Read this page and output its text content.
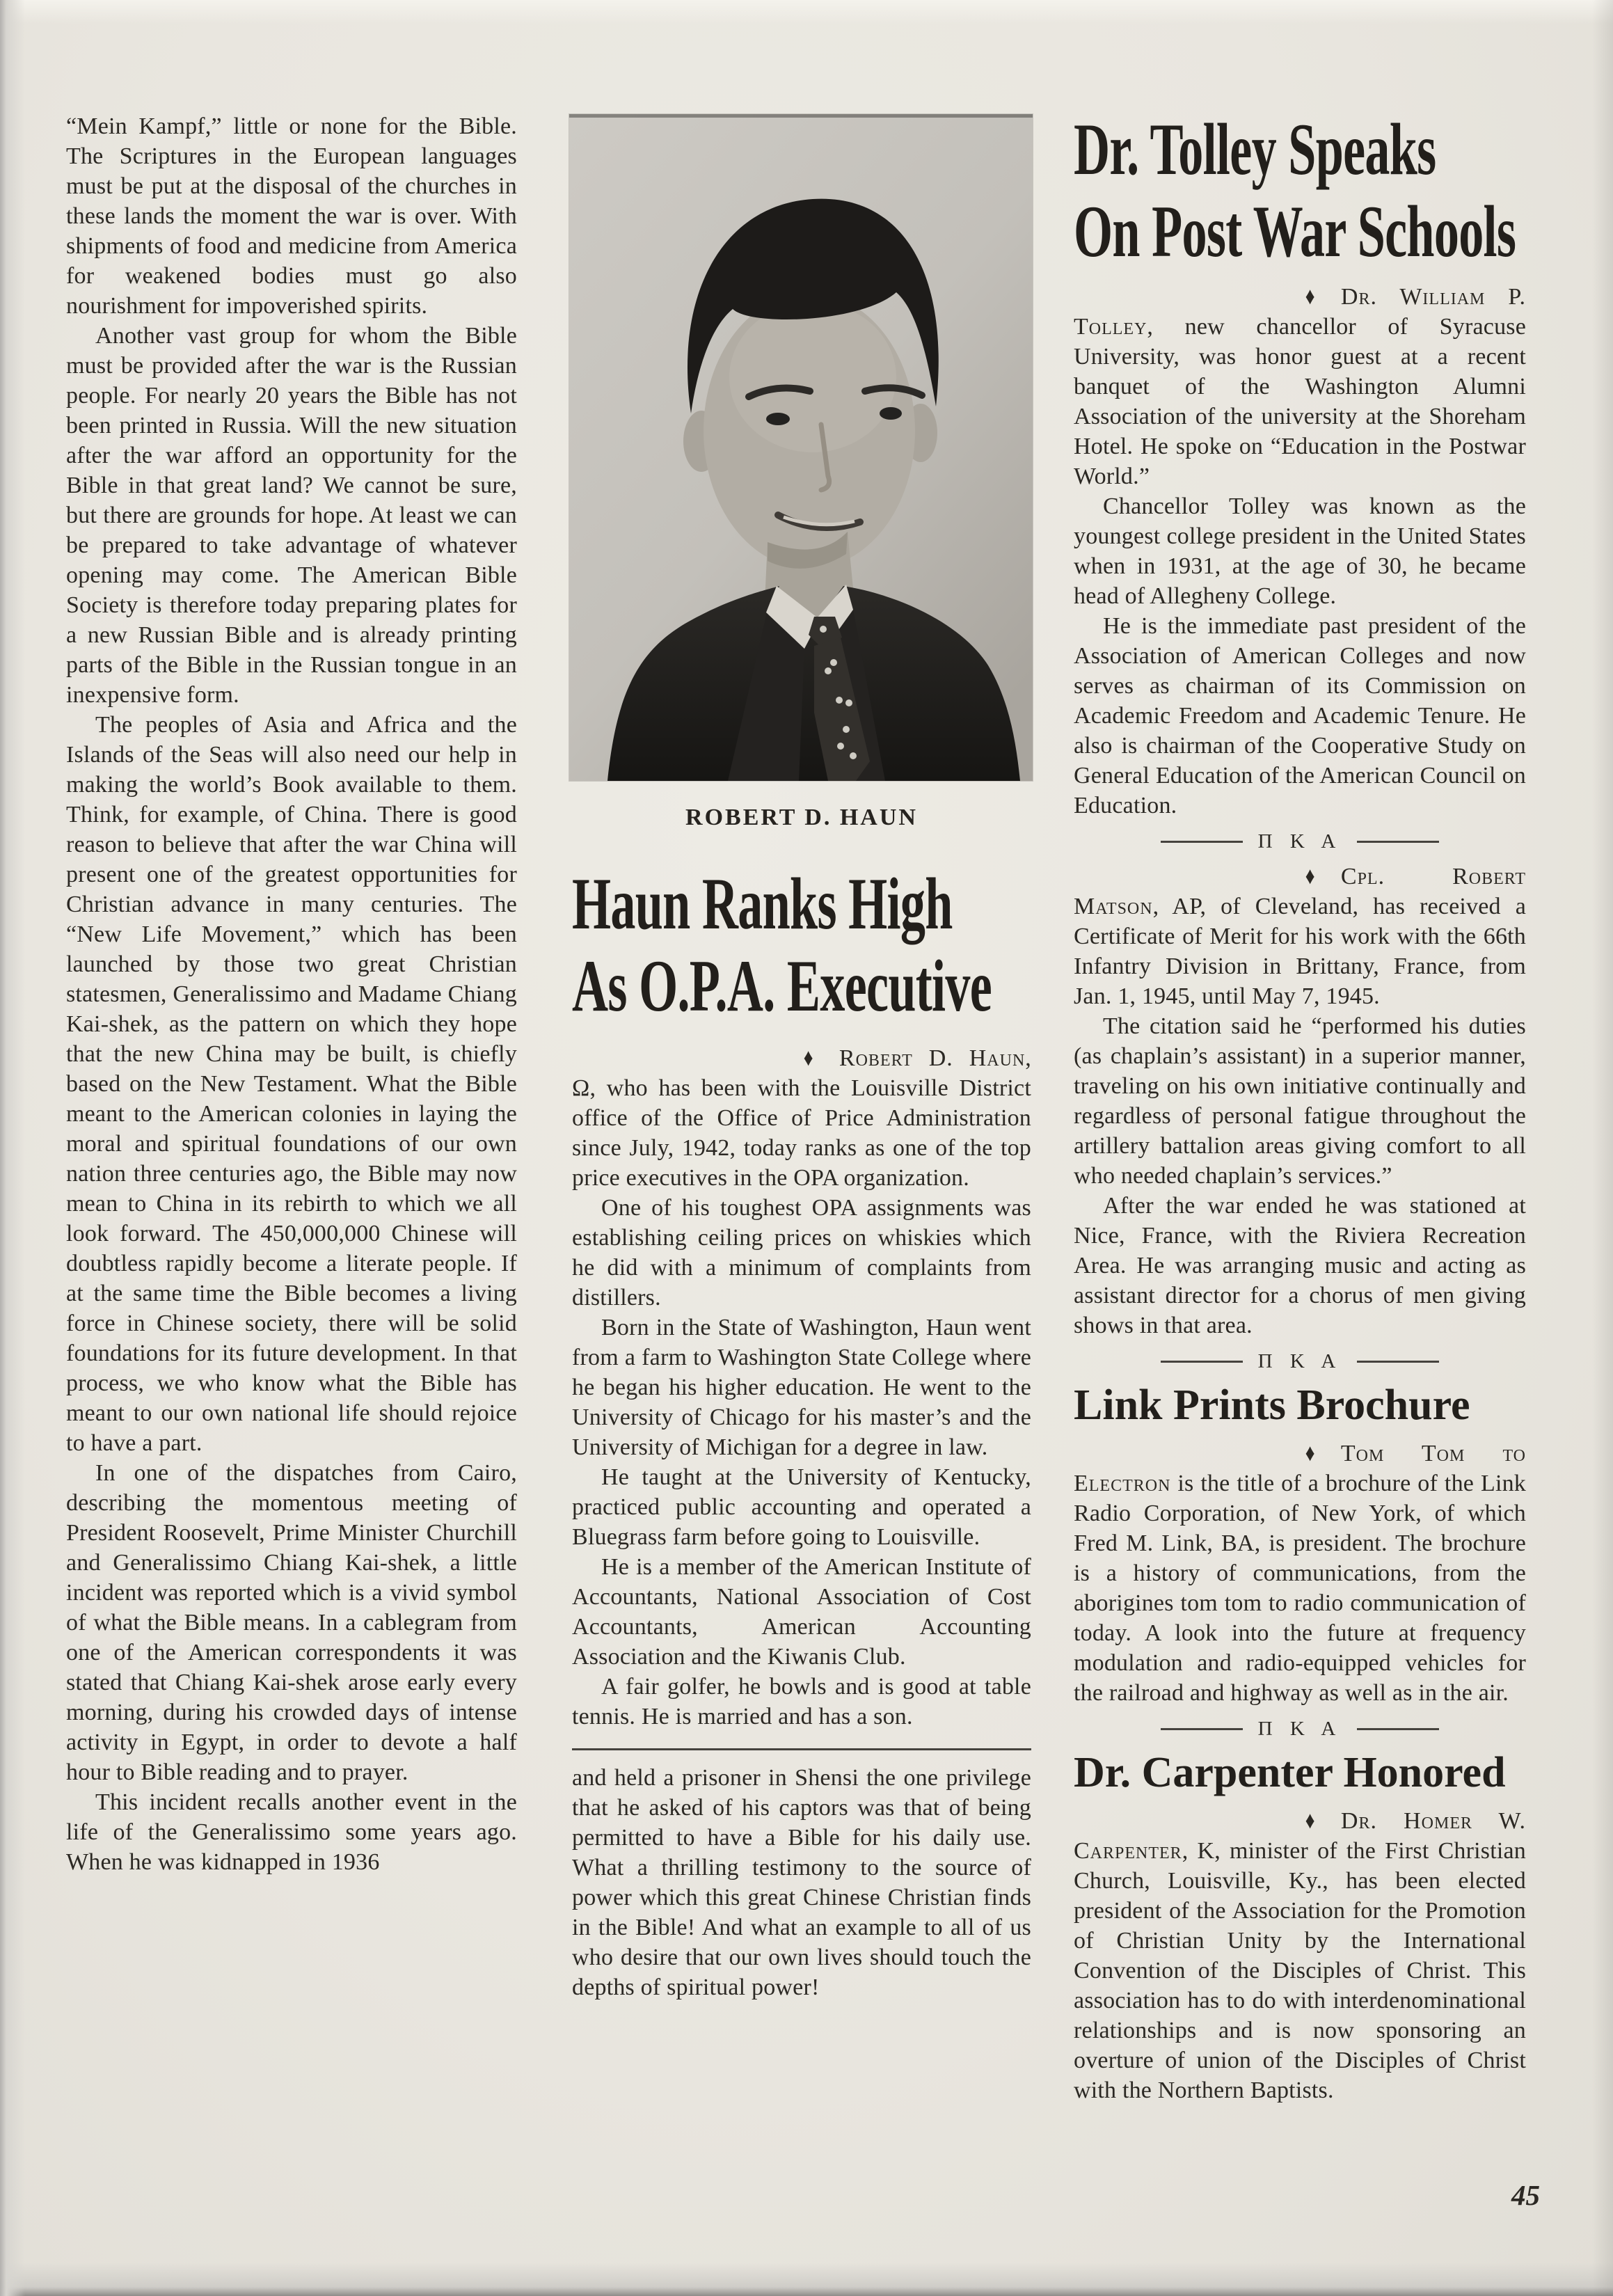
“Mein Kampf,” little or none for the Bible. The Scriptures in the European languages must be put at the disposal of the churches in these lands the moment the war is over. With shipments of food and medicine from America for weakened bodies must go also nourishment for impoverished spirits.

Another vast group for whom the Bible must be provided after the war is the Russian people. For nearly 20 years the Bible has not been printed in Russia. Will the new situation after the war afford an opportunity for the Bible in that great land? We cannot be sure, but there are grounds for hope. At least we can be prepared to take advantage of whatever opening may come. The American Bible Society is therefore today preparing plates for a new Russian Bible and is already printing parts of the Bible in the Russian tongue in an inexpensive form.

The peoples of Asia and Africa and the Islands of the Seas will also need our help in making the world’s Book available to them. Think, for example, of China. There is good reason to believe that after the war China will present one of the greatest opportunities for Christian advance in many centuries. The “New Life Movement,” which has been launched by those two great Christian statesmen, Generalissimo and Madame Chiang Kai-shek, as the pattern on which they hope that the new China may be built, is chiefly based on the New Testament. What the Bible meant to the American colonies in laying the moral and spiritual foundations of our own nation three centuries ago, the Bible may now mean to China in its rebirth to which we all look forward. The 450,000,000 Chinese will doubtless rapidly become a literate people. If at the same time the Bible becomes a living force in Chinese society, there will be solid foundations for its future development. In that process, we who know what the Bible has meant to our own national life should rejoice to have a part.

In one of the dispatches from Cairo, describing the momentous meeting of President Roosevelt, Prime Minister Churchill and Generalissimo Chiang Kai-shek, a little incident was reported which is a vivid symbol of what the Bible means. In a cablegram from one of the American correspondents it was stated that Chiang Kai-shek arose early every morning, during his crowded days of intense activity in Egypt, in order to devote a half hour to Bible reading and to prayer.

This incident recalls another event in the life of the Generalissimo some years ago. When he was kidnapped in 1936

ROBERT D. HAUN
Haun Ranks High
As O.P.A. Executive

♦ Robert D. Haun, Ω, who has been with the Louisville District office of the Office of Price Administration since July, 1942, today ranks as one of the top price executives in the OPA organization.

One of his toughest OPA assignments was establishing ceiling prices on whiskies which he did with a minimum of complaints from distillers.

Born in the State of Washington, Haun went from a farm to Washington State College where he began his higher education. He went to the University of Chicago for his master’s and the University of Michigan for a degree in law.

He taught at the University of Kentucky, practiced public accounting and operated a Bluegrass farm before going to Louisville.

He is a member of the American Institute of Accountants, National Association of Cost Accountants, American Accounting Association and the Kiwanis Club.

A fair golfer, he bowls and is good at table tennis. He is married and has a son.

and held a prisoner in Shensi the one privilege that he asked of his captors was that of being permitted to have a Bible for his daily use. What a thrilling testimony to the source of power which this great Chinese Christian finds in the Bible! And what an example to all of us who desire that our own lives should touch the depths of spiritual power!

Dr. Tolley Speaks
On Post War Schools

♦ Dr. William P. Tolley, new chancellor of Syracuse University, was honor guest at a recent banquet of the Washington Alumni Association of the university at the Shoreham Hotel. He spoke on “Education in the Postwar World.”

Chancellor Tolley was known as the youngest college president in the United States when in 1931, at the age of 30, he became head of Allegheny College.

He is the immediate past president of the Association of American Colleges and now serves as chairman of its Commission on Academic Freedom and Academic Tenure. He also is chairman of the Cooperative Study on General Education of the American Council on Education.

Π K A

♦ Cpl. Robert Matson, AP, of Cleveland, has received a Certificate of Merit for his work with the 66th Infantry Division in Brittany, France, from Jan. 1, 1945, until May 7, 1945.

The citation said he “performed his duties (as chaplain’s assistant) in a superior manner, traveling on his own initiative continually and regardless of personal fatigue throughout the artillery battalion areas giving comfort to all who needed chaplain’s services.”

After the war ended he was stationed at Nice, France, with the Riviera Recreation Area. He was arranging music and acting as assistant director for a chorus of men giving shows in that area.

Π K A
Link Prints Brochure

♦ Tom Tom to Electron is the title of a brochure of the Link Radio Corporation, of New York, of which Fred M. Link, BA, is president. The brochure is a history of communications, from the aborigines tom tom to radio communication of today. A look into the future at frequency modulation and radio-equipped vehicles for the railroad and highway as well as in the air.

Π K A
Dr. Carpenter Honored

♦ Dr. Homer W. Carpenter, K, minister of the First Christian Church, Louisville, Ky., has been elected president of the Association for the Promotion of Christian Unity by the International Convention of the Disciples of Christ. This association has to do with interdenominational relationships and is now sponsoring an overture of union of the Disciples of Christ with the Northern Baptists.

45
